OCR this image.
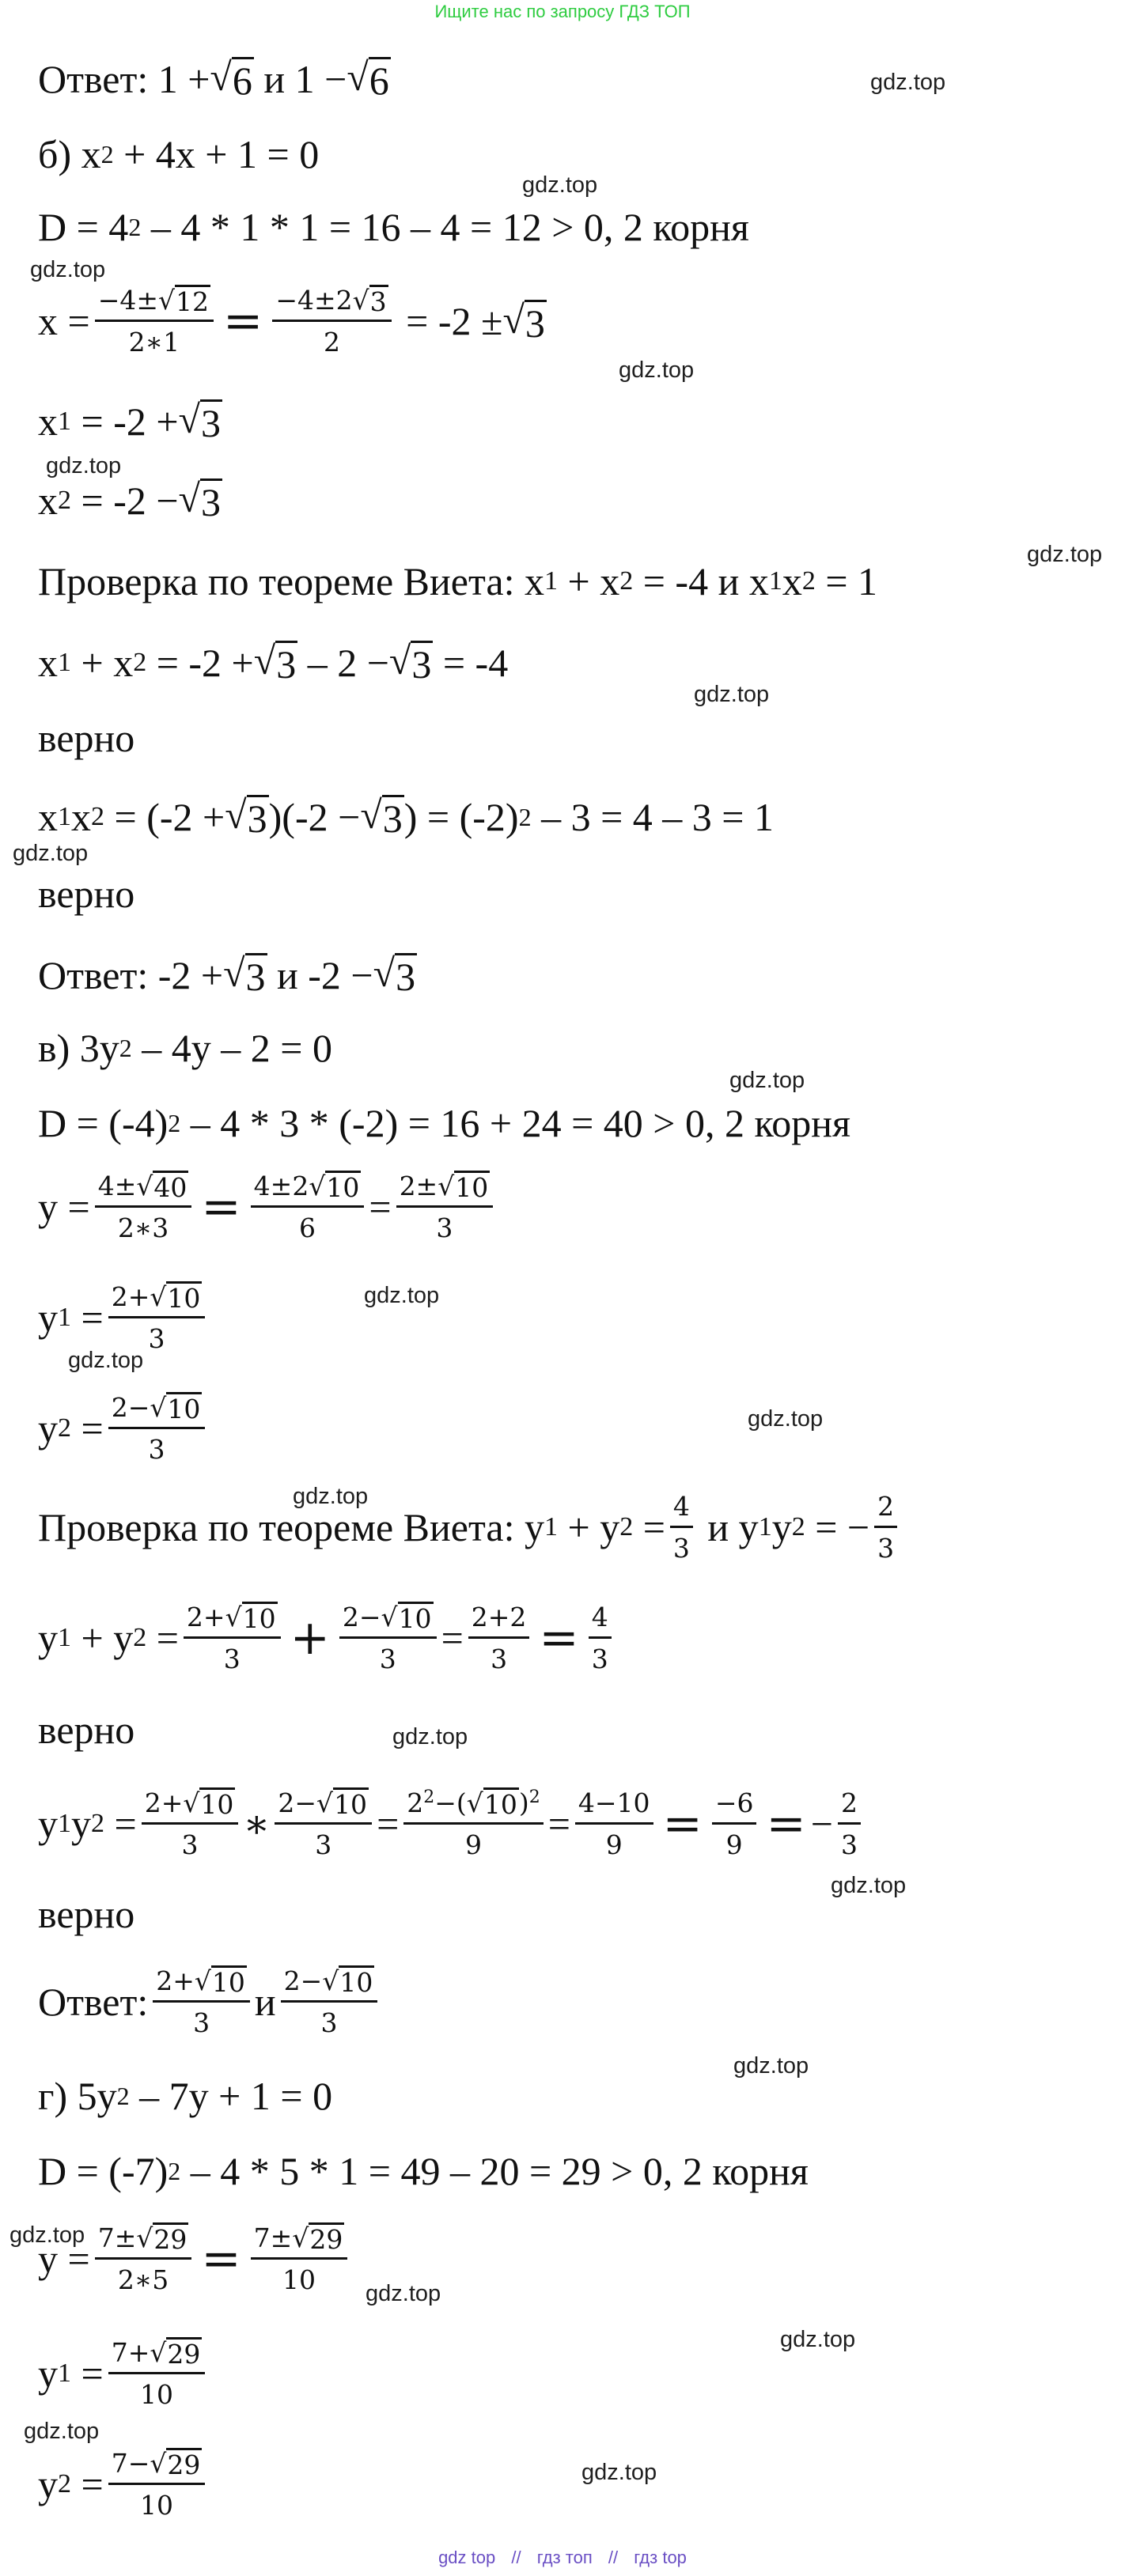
Ищите нас по запросу ГДЗ ТОП
Ответ: 1 + √ 6 и 1 − √ 6
б) x 2 + 4x + 1 = 0
D = 4 2 – 4 * 1 * 1 = 16 – 4 = 12 > 0, 2 корня
$x = \frac{-4\pm √ 12}{2∗1} = \frac{-4\pm 2 √ 3}{2} = -2$ ± √ 3
x 1 = -2 + √ 3
x 2 = -2 − √ 3
Проверка по теореме Виета: x 1 + x 2 = -4 и x 1 x 2 = 1
x 1 + x 2 = -2 + √ 3 – 2 − √ 3 = -4
верно
x 1 x 2 = (-2 + √ 3 )(-2 − √ 3 ) = (-2) 2 – 3 = 4 – 3 = 1
верно
Ответ: -2 + √ 3 и -2 − √ 3
в) 3y 2 – 4y – 2 = 0
D = (-4) 2 – 4 * 3 * (-2) = 16 + 24 = 40 > 0, 2 корня
$y = \frac{4\pm √ 40}{2∗3} = \frac{4\pm 2 √ 10}{6} = \frac{2\pm √ 10}{3}$
y $1 = \frac{2+ √ 10}{3}$
y $2 = \frac{2- √ 10}{3}$
Проверка по теореме Виета: y 1 + y $2 = \frac{4}{3}$ и y 1 y 2 = − $\frac{2}{3}$
y 1 + y $2 = \frac{2+ √ 10}{3} + \frac{2- √ 10}{3} = \frac{2+2}{3} = \frac{4}{3}$
верно
y 1 y $2 = \frac{2+ √ 10}{3}$ ∗ $\frac{2- √ 10}{3} = \frac{2^2-( √ 10 )^2}{9} = \frac{4-10}{9} = \frac{-6}{9}$ = − $\frac{2}{3}$
верно
Ответ: $\frac{2+ √ 10}{3}$ и $\frac{2- √ 10}{3}$
г) 5y 2 – 7y + 1 = 0
D = (-7) 2 – 4 * 5 * 1 = 49 – 20 = 29 > 0, 2 корня
$y = \frac{7\pm √ 29}{2∗5} = \frac{7\pm √ 29}{10}$
y $1 = \frac{7+ √ 29}{10}$
y $2 = \frac{7- √ 29}{10}$
gdz.top
gdz.top
gdz.top
gdz.top
gdz.top
gdz.top
gdz.top
gdz.top
gdz.top
gdz.top
gdz.top
gdz.top
gdz.top
gdz.top
gdz.top
gdz.top
gdz.top
gdz.top
gdz.top
gdz.top
gdz.top
gdz top // гдз топ // гдз top
